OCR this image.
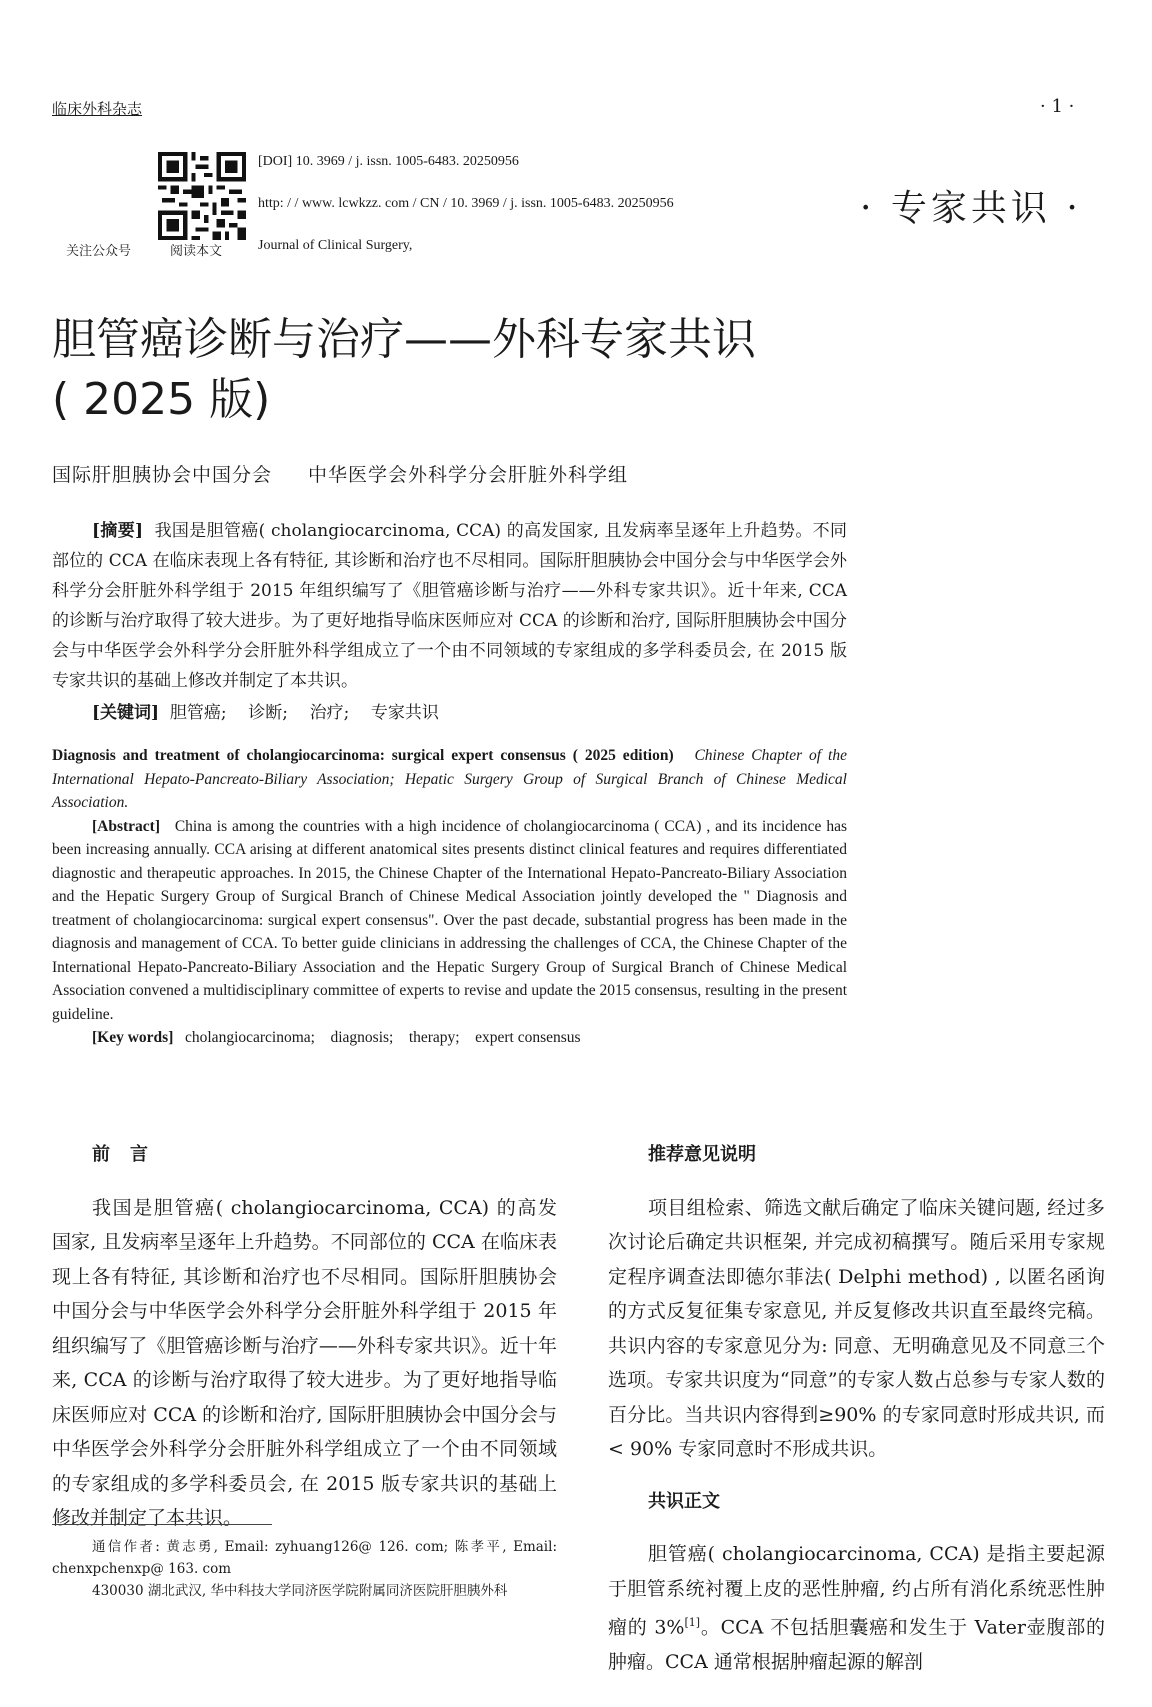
临床外科杂志	· 1 ·
关注公众号	阅读本文
[DOI] 10. 3969 / j. issn. 1005-6483. 20250956
http: / / www. lcwkzz. com / CN / 10. 3969 / j. issn. 1005-6483. 20250956
Journal of Clinical Surgery,
· 专家共识 ·
胆管癌诊断与治疗——外科专家共识
( 2025 版)
国际肝胆胰协会中国分会 中华医学会外科学分会肝脏外科学组

[摘要] 我国是胆管癌( cholangiocarcinoma, CCA) 的高发国家, 且发病率呈逐年上升趋势。不同部位的 CCA 在临床表现上各有特征, 其诊断和治疗也不尽相同。国际肝胆胰协会中国分会与中华医学会外科学分会肝脏外科学组于 2015 年组织编写了《胆管癌诊断与治疗——外科专家共识》。近十年来, CCA 的诊断与治疗取得了较大进步。为了更好地指导临床医师应对 CCA 的诊断和治疗, 国际肝胆胰协会中国分会与中华医学会外科学分会肝脏外科学组成立了一个由不同领域的专家组成的多学科委员会, 在 2015 版专家共识的基础上修改并制定了本共识。

[关键词] 胆管癌;    诊断;    治疗;    专家共识

Diagnosis and treatment of cholangiocarcinoma: surgical expert consensus ( 2025 edition) Chinese Chapter of the International Hepato-Pancreato-Biliary Association; Hepatic Surgery Group of Surgical Branch of Chinese Medical Association.

[Abstract] China is among the countries with a high incidence of cholangiocarcinoma ( CCA) , and its incidence has been increasing annually. CCA arising at different anatomical sites presents distinct clinical features and requires differentiated diagnostic and therapeutic approaches. In 2015, the Chinese Chapter of the International Hepato-Pancreato-Biliary Association and the Hepatic Surgery Group of Surgical Branch of Chinese Medical Association jointly developed the " Diagnosis and treatment of cholangiocarcinoma: surgical expert consensus". Over the past decade, substantial progress has been made in the diagnosis and management of CCA. To better guide clinicians in addressing the challenges of CCA, the Chinese Chapter of the International Hepato-Pancreato-Biliary Association and the Hepatic Surgery Group of Surgical Branch of Chinese Medical Association convened a multidisciplinary committee of experts to revise and update the 2015 consensus, resulting in the present guideline.

[Key words] cholangiocarcinoma;    diagnosis;    therapy;    expert consensus

前言

我国是胆管癌( cholangiocarcinoma, CCA) 的高发国家, 且发病率呈逐年上升趋势。不同部位的 CCA 在临床表现上各有特征, 其诊断和治疗也不尽相同。国际肝胆胰协会中国分会与中华医学会外科学分会肝脏外科学组于 2015 年组织编写了《胆管癌诊断与治疗——外科专家共识》。近十年来, CCA 的诊断与治疗取得了较大进步。为了更好地指导临床医师应对 CCA 的诊断和治疗, 国际肝胆胰协会中国分会与中华医学会外科学分会肝脏外科学组成立了一个由不同领域的专家组成的多学科委员会, 在 2015 版专家共识的基础上修改并制定了本共识。

通信作者: 黄志勇, Email: zyhuang126@ 126. com; 陈孝平, Email: chenxpchenxp@ 163. com

430030 湖北武汉, 华中科技大学同济医学院附属同济医院肝胆胰外科

推荐意见说明

项目组检索、筛选文献后确定了临床关键问题, 经过多次讨论后确定共识框架, 并完成初稿撰写。随后采用专家规定程序调查法即德尔菲法( Delphi method) , 以匿名函询的方式反复征集专家意见, 并反复修改共识直至最终完稿。共识内容的专家意见分为: 同意、无明确意见及不同意三个选项。专家共识度为“同意”的专家人数占总参与专家人数的百分比。当共识内容得到≥90% 的专家同意时形成共识, 而 < 90% 专家同意时不形成共识。

共识正文

胆管癌( cholangiocarcinoma, CCA) 是指主要起源于胆管系统衬覆上皮的恶性肿瘤, 约占所有消化系统恶性肿瘤的 3%[1]。CCA 不包括胆囊癌和发生于 Vater壶腹部的肿瘤。CCA 通常根据肿瘤起源的解剖
